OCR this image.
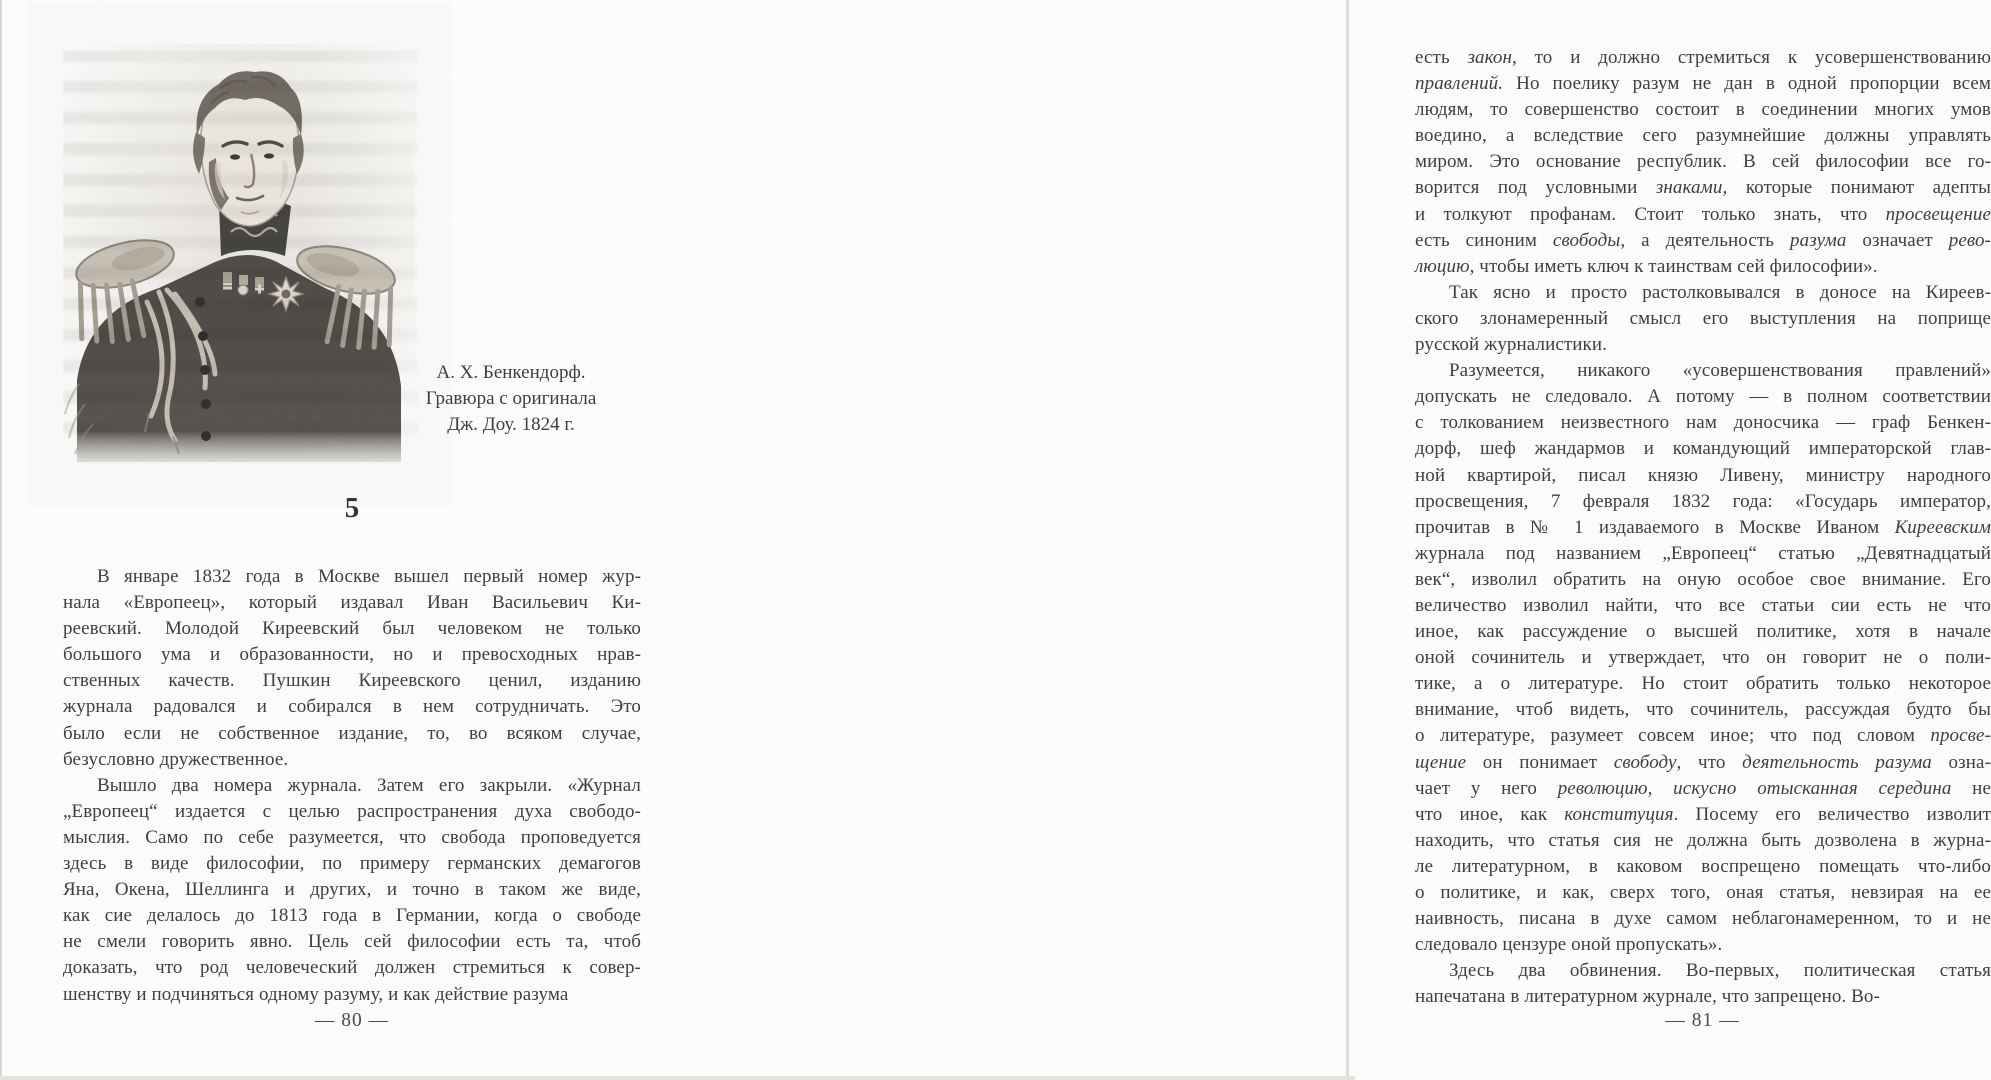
А. Х. Бенкендорф.
Гравюра с оригинала
Дж. Доу. 1824 г.
5
В январе 1832 года в Москве вышел первый номер жур-
нала «Европеец», который издавал Иван Васильевич Ки-
реевский. Молодой Киреевский был человеком не только
большого ума и образованности, но и превосходных нрав-
ственных качеств. Пушкин Киреевского ценил, изданию
журнала радовался и собирался в нем сотрудничать. Это
было если не собственное издание, то, во всяком случае,
безусловно дружественное.
Вышло два номера журнала. Затем его закрыли. «Журнал
„Европеец“ издается с целью распространения духа свободо-
мыслия. Само по себе разумеется, что свобода проповедуется
здесь в виде философии, по примеру германских демагогов
Яна, Окена, Шеллинга и других, и точно в таком же виде,
как сие делалось до 1813 года в Германии, когда о свободе
не смели говорить явно. Цель сей философии есть та, чтоб
доказать, что род человеческий должен стремиться к совер-
шенству и подчиняться одному разуму, и как действие разума
— 80 —
есть закон, то и должно стремиться к усовершенствованию
правлений. Но поелику разум не дан в одной пропорции всем
людям, то совершенство состоит в соединении многих умов
воедино, а вследствие сего разумнейшие должны управлять
миром. Это основание республик. В сей философии все го-
ворится под условными знаками, которые понимают адепты
и толкуют профанам. Стоит только знать, что просвещение
есть синоним свободы, а деятельность разума означает рево-
люцию, чтобы иметь ключ к таинствам сей философии».
Так ясно и просто растолковывался в доносе на Киреев-
ского злонамеренный смысл его выступления на поприще
русской журналистики.
Разумеется, никакого «усовершенствования правлений»
допускать не следовало. А потому — в полном соответствии
с толкованием неизвестного нам доносчика — граф Бенкен-
дорф, шеф жандармов и командующий императорской глав-
ной квартирой, писал князю Ливену, министру народного
просвещения, 7 февраля 1832 года: «Государь император,
прочитав в № 1 издаваемого в Москве Иваном Киреевским
журнала под названием „Европеец“ статью „Девятнадцатый
век“, изволил обратить на оную особое свое внимание. Его
величество изволил найти, что все статьи сии есть не что
иное, как рассуждение о высшей политике, хотя в начале
оной сочинитель и утверждает, что он говорит не о поли-
тике, а о литературе. Но стоит обратить только некоторое
внимание, чтоб видеть, что сочинитель, рассуждая будто бы
о литературе, разумеет совсем иное; что под словом просве-
щение он понимает свободу, что деятельность разума озна-
чает у него революцию, искусно отысканная середина не
что иное, как конституция. Посему его величество изволит
находить, что статья сия не должна быть дозволена в журна-
ле литературном, в каковом воспрещено помещать что-либо
о политике, и как, сверх того, оная статья, невзирая на ее
наивность, писана в духе самом неблагонамеренном, то и не
следовало цензуре оной пропускать».
Здесь два обвинения. Во-первых, политическая статья
напечатана в литературном журнале, что запрещено. Во-
— 81 —
